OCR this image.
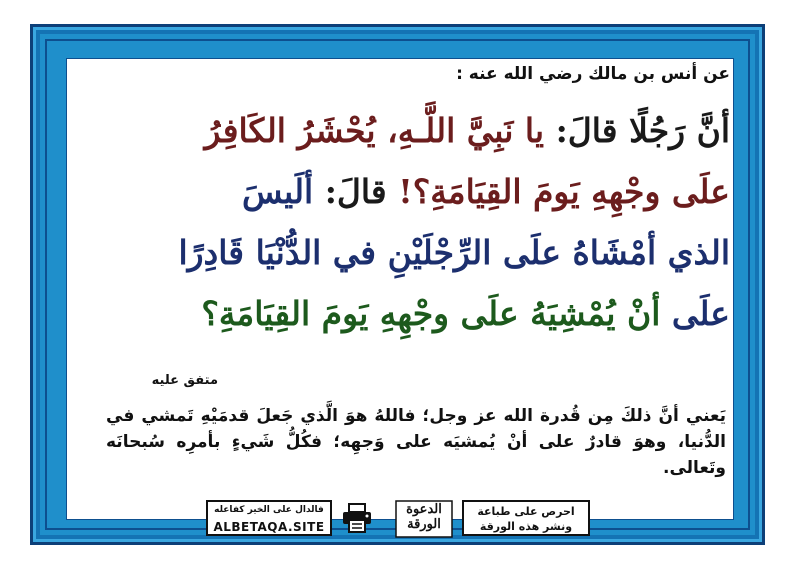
عن أنس بن مالك رضي الله عنه :
أنَّ رَجُلًا قالَ: يا نَبِيَّ اللَّـهِ، يُحْشَرُ الكَافِرُ
علَى وجْهِهِ يَومَ القِيَامَةِ؟! قالَ: ألَيسَ
الذي أمْشَاهُ علَى الرِّجْلَيْنِ في الدُّنْيَا قَادِرًا
علَى أنْ يُمْشِيَهُ علَى وجْهِهِ يَومَ القِيَامَةِ؟
متفق عليه
يَعني أنَّ ذلكَ مِن قُدرة الله عز وجل؛ فاللهُ هوَ الَّذي جَعلَ قدمَيْهِ تَمشي في الدُّنيا، وهوَ قادرٌ على أنْ يُمشيَه على وَجهِه؛ فكُلُّ شَيءٍ بأمرِه سُبحانَه وتَعالى.
فالدال على الخير كفاعله
ALBETAQA.SITE
الدعوة
الورقة
احرص على طباعة
ونشر هذه الورقة
